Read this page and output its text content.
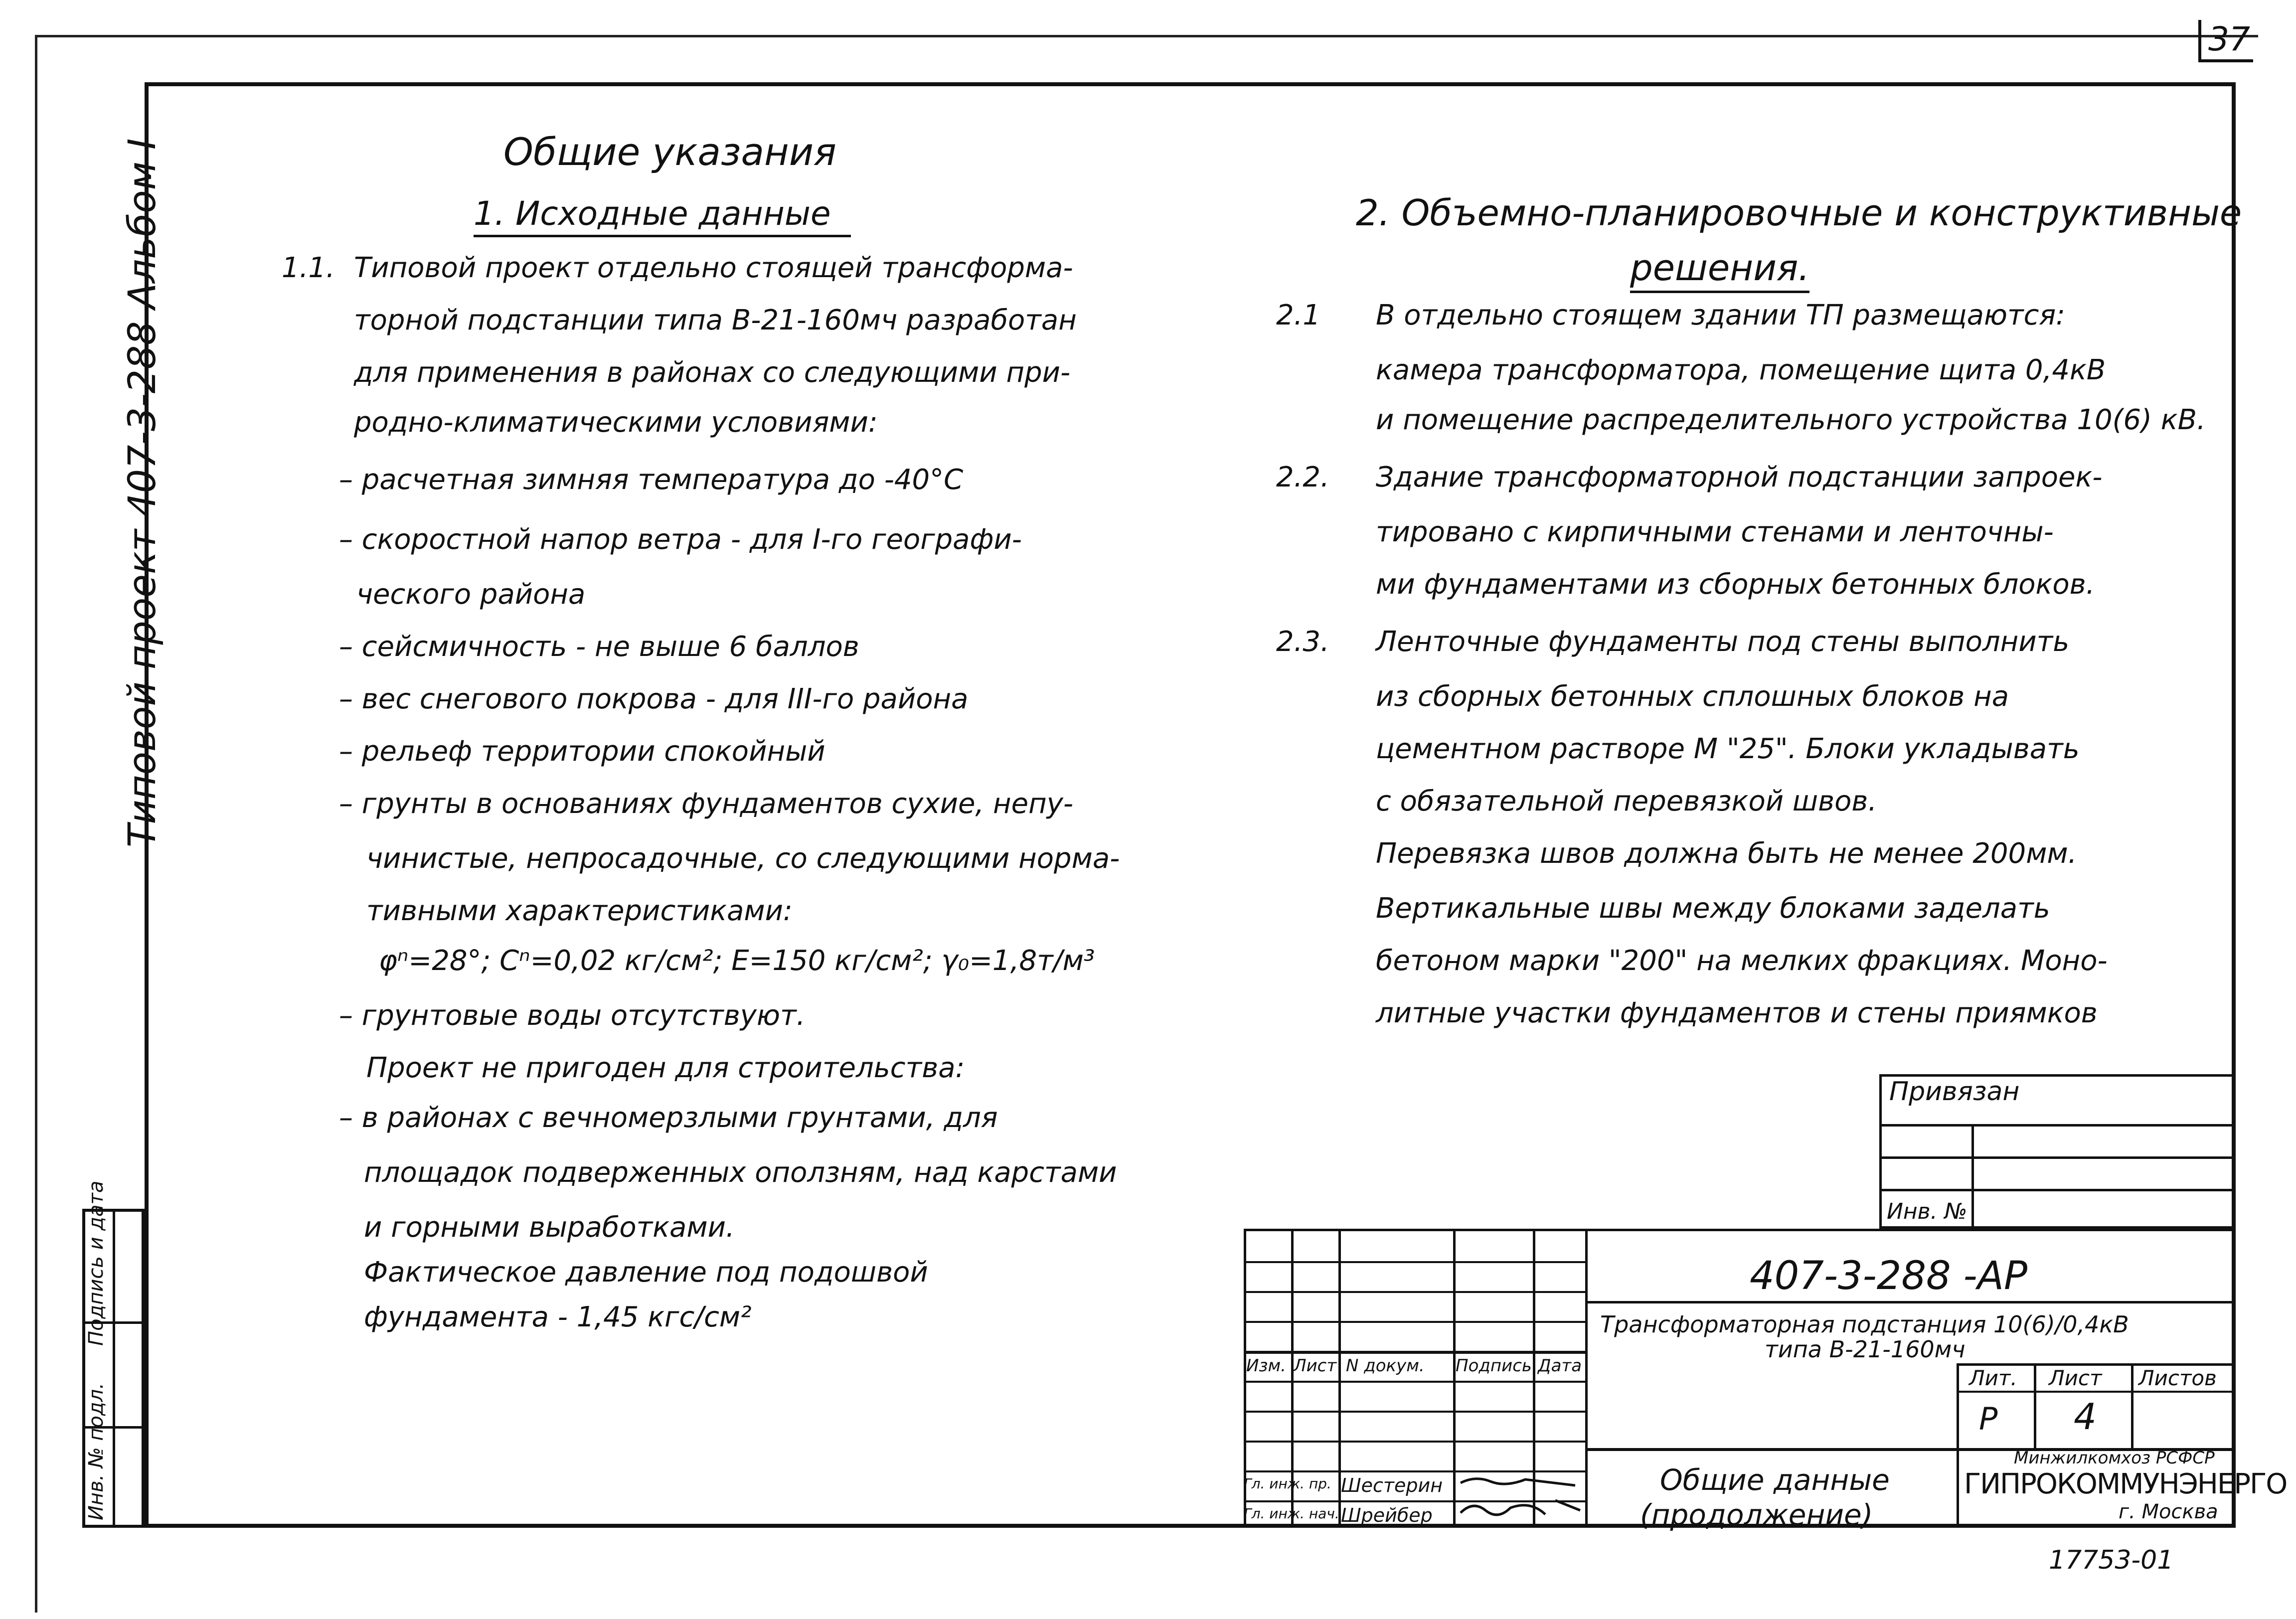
37
Типовой проект 407-3-288 Альбом I
Инв. № подл.
Подпись и дата
Общие указания
1. Исходные данные
1.1. Типовой проект отдельно стоящей трансформа-
торной подстанции типа В-21-160мч разработан
для применения в районах со следующими при-
родно-климатическими условиями:
– расчетная зимняя температура до -40°С
– скоростной напор ветра - для I-го географи-
ческого района
– сейсмичность - не выше 6 баллов
– вес снегового покрова - для III-го района
– рельеф территории спокойный
– грунты в основаниях фундаментов сухие, непу-
чинистые, непросадочные, со следующими норма-
тивными характеристиками:
φⁿ=28°; Cⁿ=0,02 кг/см²; E=150 кг/см²; γ₀=1,8т/м³
– грунтовые воды отсутствуют.
Проект не пригоден для строительства:
– в районах с вечномерзлыми грунтами, для
площадок подверженных оползням, над карстами
и горными выработками.
Фактическое давление под подошвой
фундамента - 1,45 кгс/см²
2. Объемно-планировочные и конструктивные
решения.
2.1 В отдельно стоящем здании ТП размещаются:
камера трансформатора, помещение щита 0,4кВ
и помещение распределительного устройства 10(6) кВ.
2.2. Здание трансформаторной подстанции запроек-
тировано с кирпичными стенами и ленточны-
ми фундаментами из сборных бетонных блоков.
2.3. Ленточные фундаменты под стены выполнить
из сборных бетонных сплошных блоков на
цементном растворе М "25". Блоки укладывать
с обязательной перевязкой швов.
Перевязка швов должна быть не менее 200мм.
Вертикальные швы между блоками заделать
бетоном марки "200" на мелких фракциях. Моно-
литные участки фундаментов и стены приямков
Привязан
Инв. №
Изм. Лист N докум. Подпись Дата
Гл. инж. пр. Шестерин
Гл. инж. нач. Шрейбер
407-3-288 -АР
Трансформаторная подстанция 10(6)/0,4кВ
типа В-21-160мч
Лит. Лист Листов
Р 4
Общие данные
(продолжение)
Минжилкомхоз РСФСР
ГИПРОКОММУНЭНЕРГО
г. Москва
17753-01
